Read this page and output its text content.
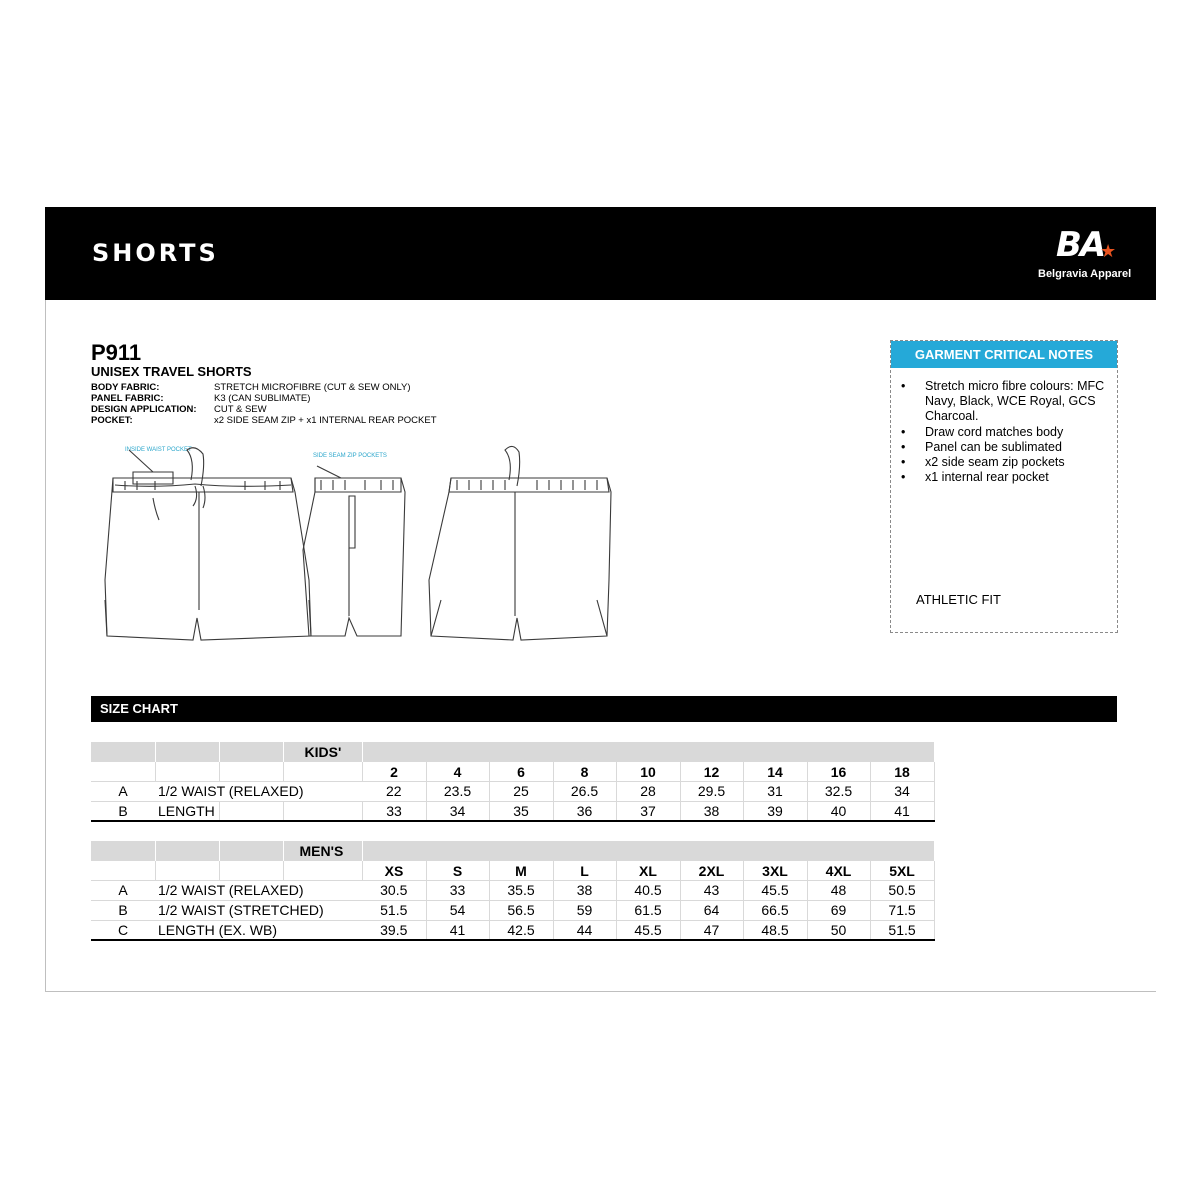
SHORTS	BA
★
Belgravia Apparel
P911
UNISEX TRAVEL SHORTS
BODY FABRIC:	STRETCH MICROFIBRE (CUT & SEW ONLY)
PANEL FABRIC:	K3 (CAN SUBLIMATE)
DESIGN APPLICATION:	CUT & SEW
POCKET:	x2 SIDE SEAM ZIP + x1 INTERNAL REAR POCKET
INSIDE WAIST POCKET
SIDE SEAM ZIP POCKETS
GARMENT CRITICAL NOTES
• Stretch micro fibre colours: MFC Navy, Black, WCE Royal, GCS Charcoal.
• Draw cord matches body
• Panel can be sublimated
• x2 side seam zip pockets
• x1 internal rear pocket
ATHLETIC FIT
SIZE CHART
				KIDS'								
				2	4	6	8	10	12	14	16	18
A	1/2 WAIST (RELAXED)			22	23.5	25	26.5	28	29.5	31	32.5	34
B	LENGTH			33	34	35	36	37	38	39	40	41
				MEN'S								
				XS	S	M	L	XL	2XL	3XL	4XL	5XL
A	1/2 WAIST (RELAXED)			30.5	33	35.5	38	40.5	43	45.5	48	50.5
B	1/2 WAIST (STRETCHED)			51.5	54	56.5	59	61.5	64	66.5	69	71.5
C	LENGTH (EX. WB)			39.5	41	42.5	44	45.5	47	48.5	50	51.5
